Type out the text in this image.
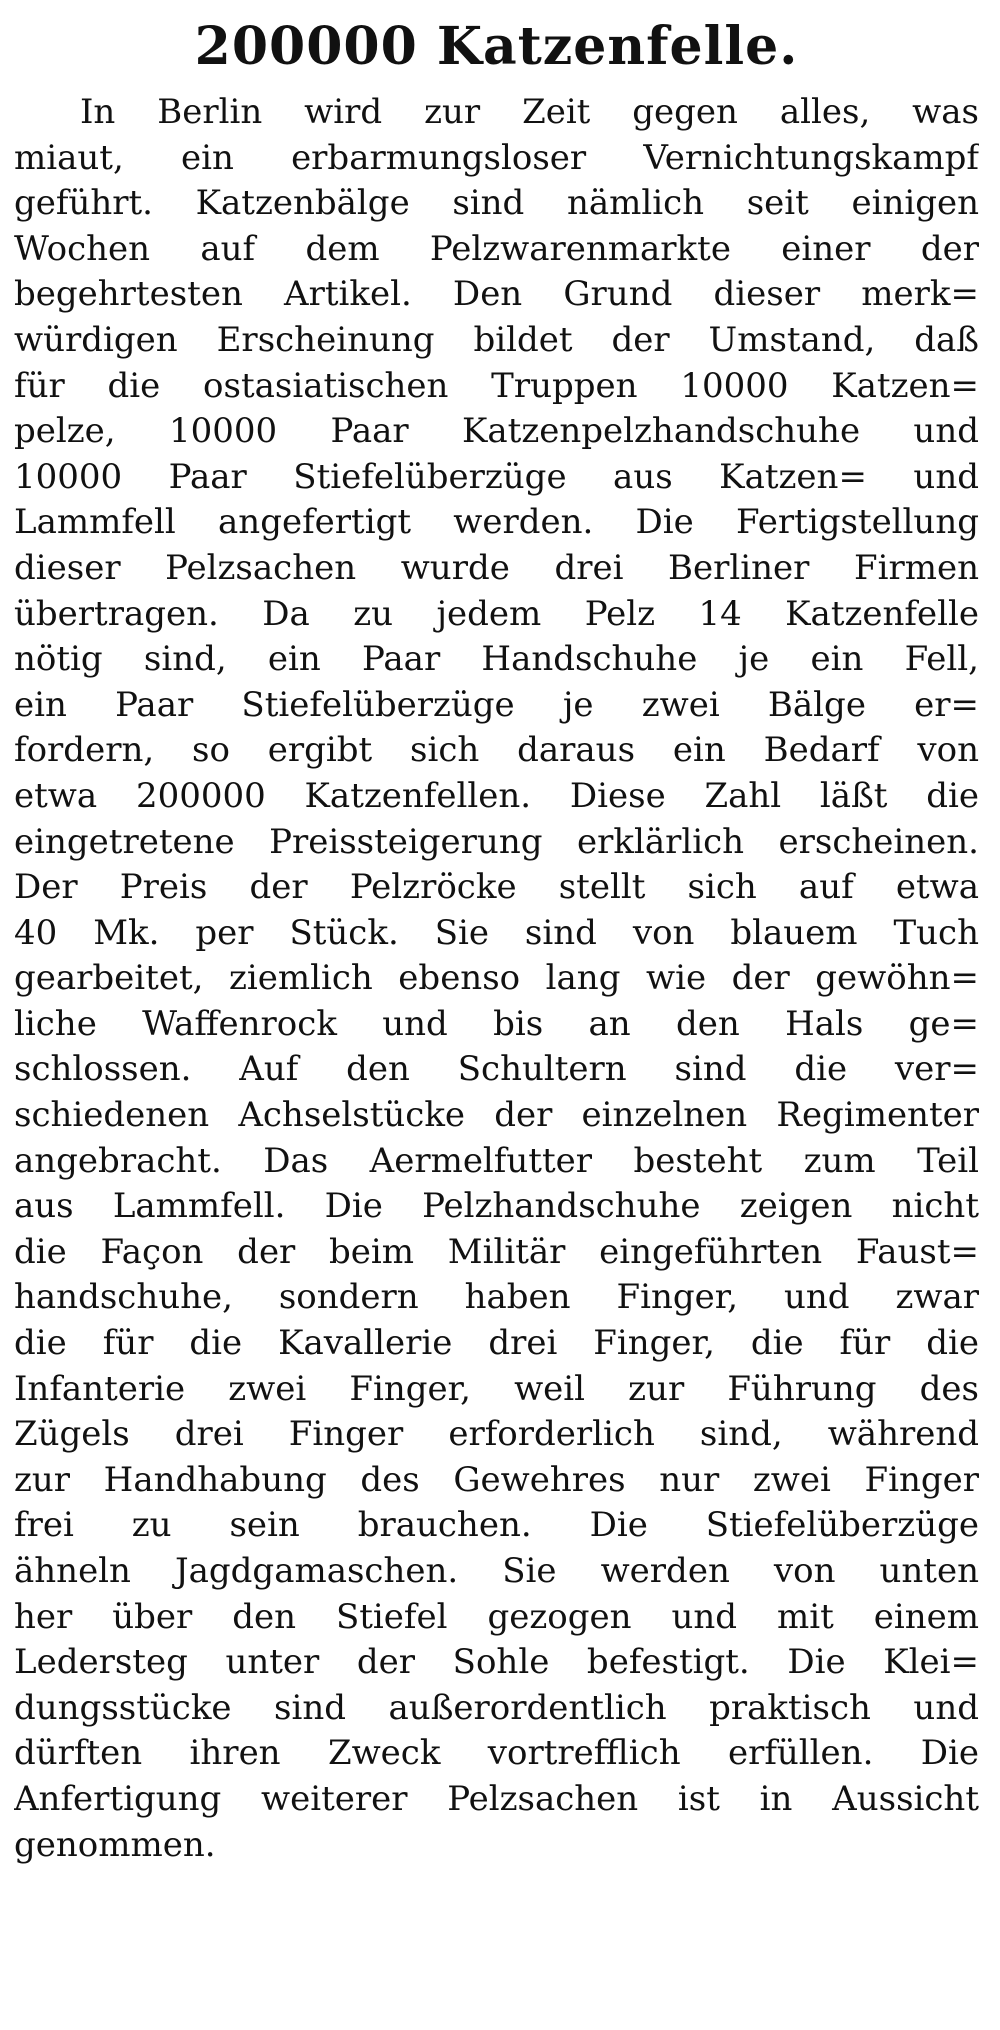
200000 Katzenfelle.
In Berlin wird zur Zeit gegen alles, was
miaut, ein erbarmungsloser Vernichtungskampf
geführt. Katzenbälge sind nämlich seit einigen
Wochen auf dem Pelzwarenmarkte einer der
begehrtesten Artikel. Den Grund dieser merk=
würdigen Erscheinung bildet der Umstand, daß
für die ostasiatischen Truppen 10000 Katzen=
pelze, 10000 Paar Katzenpelzhandschuhe und
10000 Paar Stiefelüberzüge aus Katzen= und
Lammfell angefertigt werden. Die Fertigstellung
dieser Pelzsachen wurde drei Berliner Firmen
übertragen. Da zu jedem Pelz 14 Katzenfelle
nötig sind, ein Paar Handschuhe je ein Fell,
ein Paar Stiefelüberzüge je zwei Bälge er=
fordern, so ergibt sich daraus ein Bedarf von
etwa 200000 Katzenfellen. Diese Zahl läßt die
eingetretene Preissteigerung erklärlich erscheinen.
Der Preis der Pelzröcke stellt sich auf etwa
40 Mk. per Stück. Sie sind von blauem Tuch
gearbeitet, ziemlich ebenso lang wie der gewöhn=
liche Waffenrock und bis an den Hals ge=
schlossen. Auf den Schultern sind die ver=
schiedenen Achselstücke der einzelnen Regimenter
angebracht. Das Aermelfutter besteht zum Teil
aus Lammfell. Die Pelzhandschuhe zeigen nicht
die Façon der beim Militär eingeführten Faust=
handschuhe, sondern haben Finger, und zwar
die für die Kavallerie drei Finger, die für die
Infanterie zwei Finger, weil zur Führung des
Zügels drei Finger erforderlich sind, während
zur Handhabung des Gewehres nur zwei Finger
frei zu sein brauchen. Die Stiefelüberzüge
ähneln Jagdgamaschen. Sie werden von unten
her über den Stiefel gezogen und mit einem
Ledersteg unter der Sohle befestigt. Die Klei=
dungsstücke sind außerordentlich praktisch und
dürften ihren Zweck vortrefflich erfüllen. Die
Anfertigung weiterer Pelzsachen ist in Aussicht
genommen.
